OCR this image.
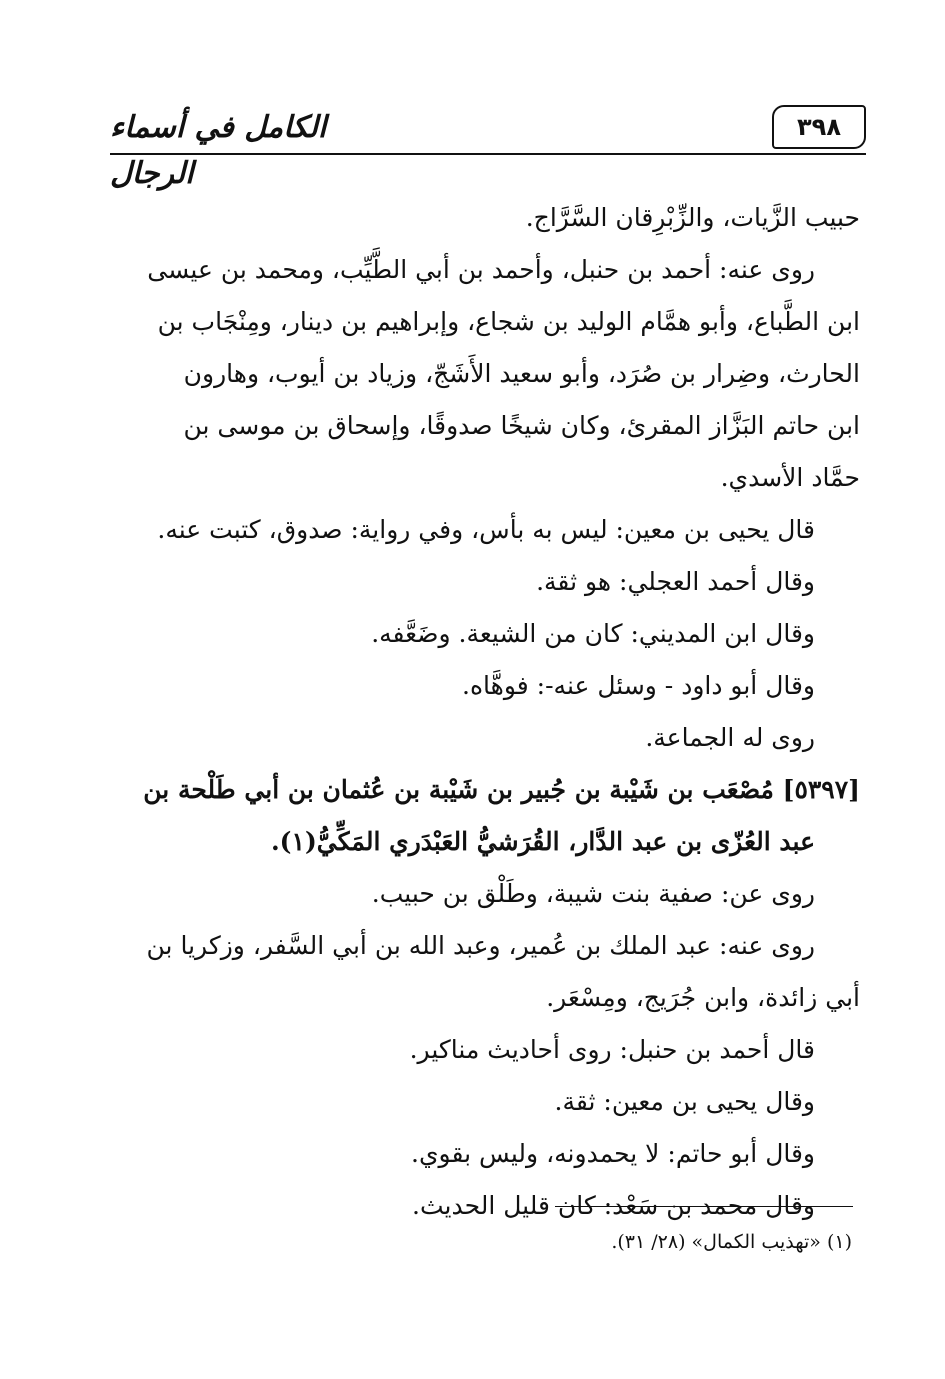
الكامل في أسماء الرجال
٣٩٨
حبيب الزَّيات، والزِّبْرِقان السَّرَّاج.
روى عنه: أحمد بن حنبل، وأحمد بن أبي الطَّيِّب، ومحمد بن عيسى
ابن الطَّباع، وأبو همَّام الوليد بن شجاع، وإبراهيم بن دينار، ومِنْجَاب بن
الحارث، وضِرار بن صُرَد، وأبو سعيد الأَشَجّ، وزياد بن أيوب، وهارون
ابن حاتم البَزَّاز المقرئ، وكان شيخًا صدوقًا، وإسحاق بن موسى بن
حمَّاد الأسدي.
قال يحيى بن معين: ليس به بأس، وفي رواية: صدوق، كتبت عنه.
وقال أحمد العجلي: هو ثقة.
وقال ابن المديني: كان من الشيعة. وضَعَّفه.
وقال أبو داود - وسئل عنه-: فوهَّاه.
روى له الجماعة.
[٥٣٩٧] مُصْعَب بن شَيْبة بن جُبير بن شَيْبة بن عُثمان بن أبي طَلْحة بن
عبد العُزّى بن عبد الدَّار، القُرَشيُّ العَبْدَري المَكِّيُّ(١).
روى عن: صفية بنت شيبة، وطَلْق بن حبيب.
روى عنه: عبد الملك بن عُمير، وعبد الله بن أبي السَّفر، وزكريا بن
أبي زائدة، وابن جُرَيج، ومِسْعَر.
قال أحمد بن حنبل: روى أحاديث مناكير.
وقال يحيى بن معين: ثقة.
وقال أبو حاتم: لا يحمدونه، وليس بقوي.
وقال محمد بن سَعْد: كان قليل الحديث.
(١) «تهذيب الكمال» (٢٨/ ٣١).
